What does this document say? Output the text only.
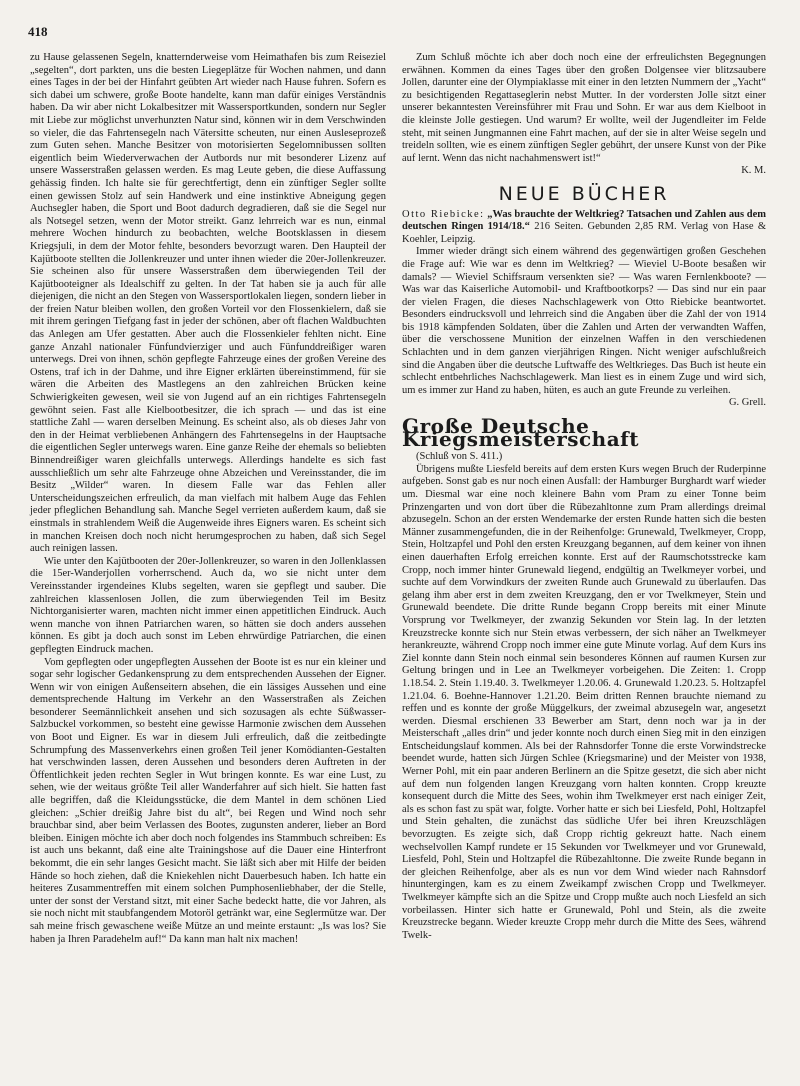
418

zu Hause gelassenen Segeln, knatternderweise vom Heimathafen bis zum Reiseziel „segelten“, dort parkten, uns die besten Liegeplätze für Wochen nahmen, und dann eines Tages in der bei der Hinfahrt geübten Art wieder nach Hause fuhren. Sofern es sich dabei um schwere, große Boote handelte, kann man dafür einiges Verständnis haben. Da wir aber nicht Lokalbesitzer mit Wassersportkunden, sondern nur Segler mit Liebe zur möglichst unverhunzten Natur sind, können wir in dem Verschwinden so vieler, die das Fahrtensegeln nach Vätersitte scheuten, nur einen Ausleseprozeß zum Guten sehen. Manche Besitzer von motorisierten Segelomnibussen sollten eigentlich beim Wiederverwachen der Autbords nur mit besonderer Lizenz auf unsere Wasserstraßen gelassen werden. Es mag Leute geben, die diese Auffassung gehässig finden. Ich halte sie für gerechtfertigt, denn ein zünftiger Segler sollte einen gewissen Stolz auf sein Handwerk und eine instinktive Abneigung gegen Auchsegler haben, die Sport und Boot dadurch degradieren, daß sie die Segel nur als Notsegel setzen, wenn der Motor streikt. Ganz lehrreich war es nun, einmal mehrere Wochen hindurch zu beobachten, welche Bootsklassen in diesem Kriegsjuli, in dem der Motor fehlte, besonders bevorzugt waren. Den Haupteil der Kajütboote stellten die Jollenkreuzer und unter ihnen wieder die 20er-Jollenkreuzer. Sie scheinen also für unsere Wasserstraßen dem überwiegenden Teil der Kajütbooteigner als Idealschiff zu gelten. In der Tat haben sie ja auch für alle diejenigen, die nicht an den Stegen von Wassersportlokalen liegen, sondern lieber in der freien Natur bleiben wollen, den großen Vorteil vor den Flossenkielern, daß sie mit ihrem geringen Tiefgang fast in jeder der schönen, aber oft flachen Waldbuchten das Anlegen am Ufer gestatten. Aber auch die Flossenkieler fehlten nicht. Eine ganze Anzahl nationaler Fünfundvierziger und auch Fünfunddreißiger waren unterwegs. Drei von ihnen, schön gepflegte Fahrzeuge eines der großen Vereine des Ostens, traf ich in der Dahme, und ihre Eigner erklärten übereinstimmend, für sie wären die Arbeiten des Mastlegens an den zahlreichen Brücken keine Schwierigkeiten gewesen, weil sie von Jugend auf an ein richtiges Fahrtensegeln gewöhnt seien. Fast alle Kielbootbesitzer, die ich sprach — und das ist eine stattliche Zahl — waren derselben Meinung. Es scheint also, als ob dieses Jahr von den in der Heimat verbliebenen Anhängern des Fahrtensegelns in der Hauptsache die eigentlichen Segler unterwegs waren. Eine ganze Reihe der ehemals so beliebten Binnendreißiger waren gleichfalls unterwegs. Allerdings handelte es sich fast ausschließlich um sehr alte Fahrzeuge ohne Abzeichen und Vereinsstander, die im Besitz „Wilder“ waren. In diesem Falle war das Fehlen aller Unterscheidungszeichen erfreulich, da man vielfach mit halbem Auge das Fehlen jeder pfleglichen Behandlung sah. Manche Segel verrieten außerdem kaum, daß sie einstmals in strahlendem Weiß die Augenweide ihres Eigners waren. Es scheint sich in manchen Kreisen doch noch nicht herumgesprochen zu haben, daß sich Segel auch reinigen lassen.

Wie unter den Kajütbooten der 20er-Jollenkreuzer, so waren in den Jollenklassen die 15er-Wanderjollen vorherrschend. Auch da, wo sie nicht unter dem Vereinsstander irgendeines Klubs segelten, waren sie gepflegt und sauber. Die zahlreichen klassenlosen Jollen, die zum überwiegenden Teil im Besitz Nichtorganisierter waren, machten nicht immer einen appetitlichen Eindruck. Auch wenn manche von ihnen Patriarchen waren, so hätten sie doch anders aussehen können. Es gibt ja doch auch sonst im Leben ehrwürdige Patriarchen, die einen gepflegten Eindruck machen.

Vom gepflegten oder ungepflegten Aussehen der Boote ist es nur ein kleiner und sogar sehr logischer Gedankensprung zu dem entsprechenden Aussehen der Eigner. Wenn wir von einigen Außenseitern absehen, die ein lässiges Aussehen und eine dementsprechende Haltung im Verkehr an den Wasserstraßen als Zeichen besonderer Seemännlichkeit ansehen und sich sozusagen als echte Süßwasser-Salzbuckel vorkommen, so besteht eine gewisse Harmonie zwischen dem Aussehen von Boot und Eigner. Es war in diesem Juli erfreulich, daß die zeitbedingte Schrumpfung des Massenverkehrs einen großen Teil jener Komödianten-Gestalten hat verschwinden lassen, deren Aussehen und besonders deren Auftreten in der Öffentlichkeit jeden rechten Segler in Wut bringen konnte. Es war eine Lust, zu sehen, wie der weitaus größte Teil aller Wanderfahrer auf sich hielt. Sie hatten fast alle begriffen, daß die Kleidungsstücke, die dem Mantel in dem schönen Lied gleichen: „Schier dreißig Jahre bist du alt“, bei Regen und Wind noch sehr brauchbar sind, aber beim Verlassen des Bootes, zugunsten anderer, lieber an Bord bleiben. Einigen möchte ich aber doch noch folgendes ins Stammbuch schreiben: Es ist auch uns bekannt, daß eine alte Trainingshose auf die Dauer eine Hinterfront bekommt, die ein sehr langes Gesicht macht. Sie läßt sich aber mit Hilfe der beiden Hände so hoch ziehen, daß die Kniekehlen nicht Dauerbesuch haben. Ich hatte ein heiteres Zusammentreffen mit einem solchen Pumphosenliebhaber, der die Stelle, unter der sonst der Verstand sitzt, mit einer Sache bedeckt hatte, die vor Jahren, als sie noch nicht mit staubfangendem Motoröl getränkt war, eine Seglermütze war. Der sah meine frisch gewaschene weiße Mütze an und meinte erstaunt: „Is was los? Sie haben ja Ihren Paradehelm auf!“ Da kann man halt nix machen!

Zum Schluß möchte ich aber doch noch eine der erfreulichsten Begegnungen erwähnen. Kommen da eines Tages über den großen Dolgensee vier blitzsaubere Jollen, darunter eine der Olympiaklasse mit einer in den letzten Nummern der „Yacht“ zu besichtigenden Regattaseglerin nebst Mutter. In der vordersten Jolle sitzt einer unserer bekanntesten Vereinsführer mit Frau und Sohn. Er war aus dem Kielboot in die kleinste Jolle gestiegen. Und warum? Er wollte, weil der Jugendleiter im Felde steht, mit seinen Jungmannen eine Fahrt machen, auf der sie in alter Weise segeln und treideln sollten, wie es einem zünftigen Segler gebührt, der unsere Kunst von der Pike auf lernt. Wenn das nicht nachahmenswert ist!“

K. M.

NEUE BÜCHER

Otto Riebicke: „Was brauchte der Weltkrieg? Tatsachen und Zahlen aus dem deutschen Ringen 1914/18.“ 216 Seiten. Gebunden 2,85 RM. Verlag von Hase & Koehler, Leipzig.

Immer wieder drängt sich einem während des gegenwärtigen großen Geschehen die Frage auf: Wie war es denn im Weltkrieg? — Wieviel U-Boote besaßen wir damals? — Wieviel Schiffsraum versenkten sie? — Was waren Fernlenkboote? — Was war das Kaiserliche Automobil- und Kraftbootkorps? — Das sind nur ein paar der vielen Fragen, die dieses Nachschlagewerk von Otto Riebicke beantwortet. Besonders eindrucksvoll und lehrreich sind die Angaben über die Zahl der von 1914 bis 1918 kämpfenden Soldaten, über die Zahlen und Arten der verwandten Waffen, über die verschossene Munition der einzelnen Waffen in den verschiedenen Schlachten und in dem ganzen vierjährigen Ringen. Nicht weniger aufschlußreich sind die Angaben über die deutsche Luftwaffe des Weltkrieges. Das Buch ist heute ein schlecht entbehrliches Nachschlagewerk. Man liest es in einem Zuge und wird sich, um es immer zur Hand zu haben, hüten, es auch an gute Freunde zu verleihen.

G. Grell.

Große Deutsche Kriegsmeisterschaft

(Schluß von S. 411.)

Übrigens mußte Liesfeld bereits auf dem ersten Kurs wegen Bruch der Ruderpinne aufgeben. Sonst gab es nur noch einen Ausfall: der Hamburger Burghardt warf wieder um. Diesmal war eine noch kleinere Bahn vom Pram zu einer Tonne beim Prinzengarten und von dort über die Rübezahltonne zum Pram allerdings dreimal abzusegeln. Schon an der ersten Wendemarke der ersten Runde hatten sich die besten Männer zusammengefunden, die in der Reihenfolge: Grunewald, Twelkmeyer, Cropp, Stein, Holtzapfel und Pohl den ersten Kreuzgang begannen, auf dem keiner von ihnen einen dauerhaften Erfolg erreichen konnte. Erst auf der Raumschotsstrecke kam Cropp, noch immer hinter Grunewald liegend, endgültig an Twelkmeyer vorbei, und suchte auf dem Vorwindkurs der zweiten Runde auch Grunewald zu überlaufen. Das gelang ihm aber erst in dem zweiten Kreuzgang, den er vor Twelkmeyer, Stein und Grunewald beendete. Die dritte Runde begann Cropp bereits mit einer Minute Vorsprung vor Twelkmeyer, der zwanzig Sekunden vor Stein lag. In der letzten Kreuzstrecke konnte sich nur Stein etwas verbessern, der sich näher an Twelkmeyer herankreuzte, während Cropp noch immer eine gute Minute vorlag. Auf dem Kurs ins Ziel konnte dann Stein noch einmal sein besonderes Können auf raumen Kursen zur Geltung bringen und in Lee an Twelkmeyer vorbeigehen. Die Zeiten: 1. Cropp 1.18.54. 2. Stein 1.19.40. 3. Twelkmeyer 1.20.06. 4. Grunewald 1.20.23. 5. Holtzapfel 1.21.04. 6. Boehne-Hannover 1.21.20. Beim dritten Rennen brauchte niemand zu reffen und es konnte der große Müggelkurs, der zweimal abzusegeln war, angesetzt werden. Diesmal erschienen 33 Bewerber am Start, denn noch war ja in der Meisterschaft „alles drin“ und jeder konnte noch durch einen Sieg mit in den einzigen Entscheidungslauf kommen. Als bei der Rahnsdorfer Tonne die erste Vorwindstrecke beendet wurde, hatten sich Jürgen Schlee (Kriegsmarine) und der Meister von 1938, Werner Pohl, mit ein paar anderen Berlinern an die Spitze gesetzt, die sich aber nicht auf dem nun folgenden langen Kreuzgang vorn halten konnten. Cropp kreuzte konsequent durch die Mitte des Sees, wohin ihm Twelkmeyer erst nach einiger Zeit, als es schon fast zu spät war, folgte. Vorher hatte er sich bei Liesfeld, Pohl, Holtzapfel und Stein gehalten, die zunächst das südliche Ufer bei ihren Kreuzschlägen bevorzugten. Es zeigte sich, daß Cropp richtig gekreuzt hatte. Nach einem wechselvollen Kampf rundete er 15 Sekunden vor Twelkmeyer und vor Grunewald, Liesfeld, Pohl, Stein und Holtzapfel die Rübezahltonne. Die zweite Runde begann in der gleichen Reihenfolge, aber als es nun vor dem Wind wieder nach Rahnsdorf hinuntergingen, kam es zu einem Zweikampf zwischen Cropp und Twelkmeyer. Twelkmeyer kämpfte sich an die Spitze und Cropp mußte auch noch Liesfeld an sich vorbeilassen. Hinter sich hatte er Grunewald, Pohl und Stein, als die zweite Kreuzstrecke begann. Wieder kreuzte Cropp mehr durch die Mitte des Sees, während Twelk-
